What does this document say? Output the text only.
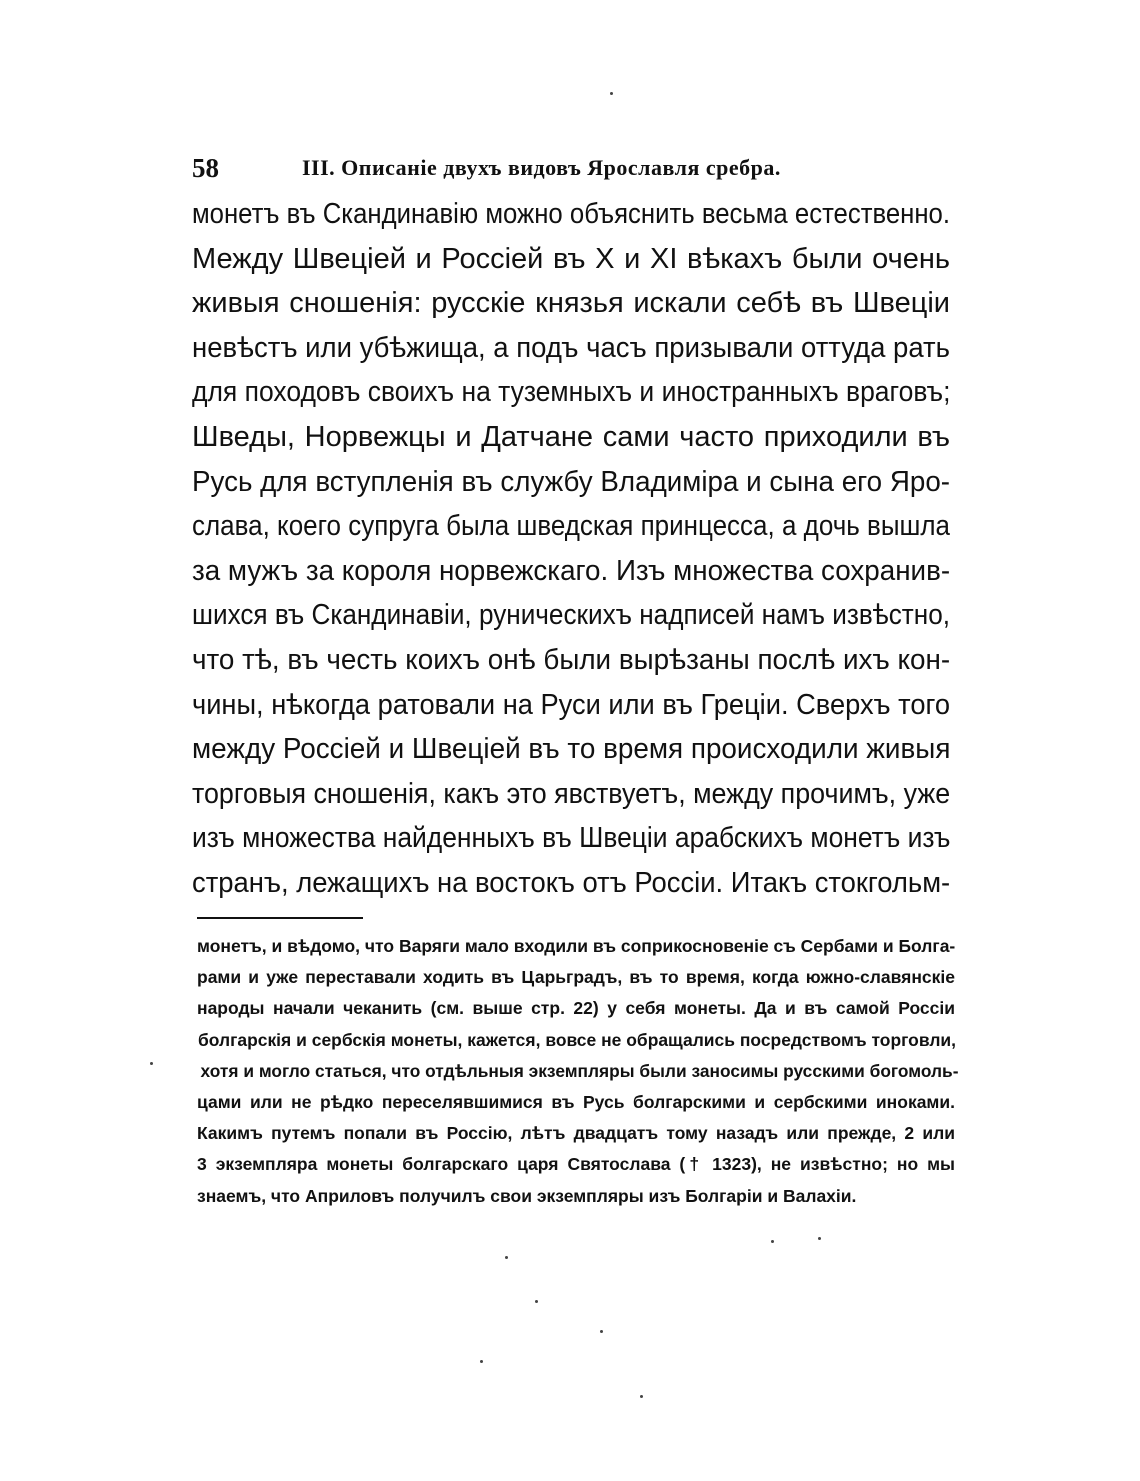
58	III. Описаніе двухъ видовъ Ярославля сребра.
монетъ въ Скандинавію можно объяснить весьма естественно.
Между Швеціей и Россіей въ X и XI вѣкахъ были очень
живыя сношенія: русскіе князья искали себѣ въ Швеціи
невѣстъ или убѣжища, а подъ часъ призывали оттуда рать
для походовъ своихъ на туземныхъ и иностранныхъ враговъ;
Шведы, Норвежцы и Датчане сами часто приходили въ
Русь для вступленія въ службу Владиміра и сына его Яро-
слава, коего супруга была шведская принцесса, а дочь вышла
за мужъ за короля норвежскаго. Изъ множества сохранив-
шихся въ Скандинавіи, руническихъ надписей намъ извѣстно,
что тѣ, въ честь коихъ онѣ были вырѣзаны послѣ ихъ кон-
чины, нѣкогда ратовали на Руси или въ Греціи. Сверхъ того
между Россіей и Швеціей въ то время происходили живыя
торговыя сношенія, какъ это явствуетъ, между прочимъ, уже
изъ множества найденныхъ въ Швеціи арабскихъ монетъ изъ
странъ, лежащихъ на востокъ отъ Россіи. Итакъ стокгольм-
монетъ, и вѣдомо, что Варяги мало входили въ соприкосновеніе съ Сербами и Болга-
рами и уже переставали ходить въ Царьградъ, въ то время, когда южно-славянскіе
народы начали чеканить (см. выше стр. 22) у себя монеты. Да и въ самой Россіи
болгарскія и сербскія монеты, кажется, вовсе не обращались посредствомъ торговли,
хотя и могло статься, что отдѣльныя экземпляры были заносимы русскими богомоль-
цами или не рѣдко переселявшимися въ Русь болгарскими и сербскими иноками.
Какимъ путемъ попали въ Россію, лѣтъ двадцатъ тому назадъ или прежде, 2 или
3 экземпляра монеты болгарскаго царя Святослава († 1323), не извѣстно; но мы
знаемъ, что Априловъ получилъ свои экземпляры изъ Болгаріи и Валахіи.
